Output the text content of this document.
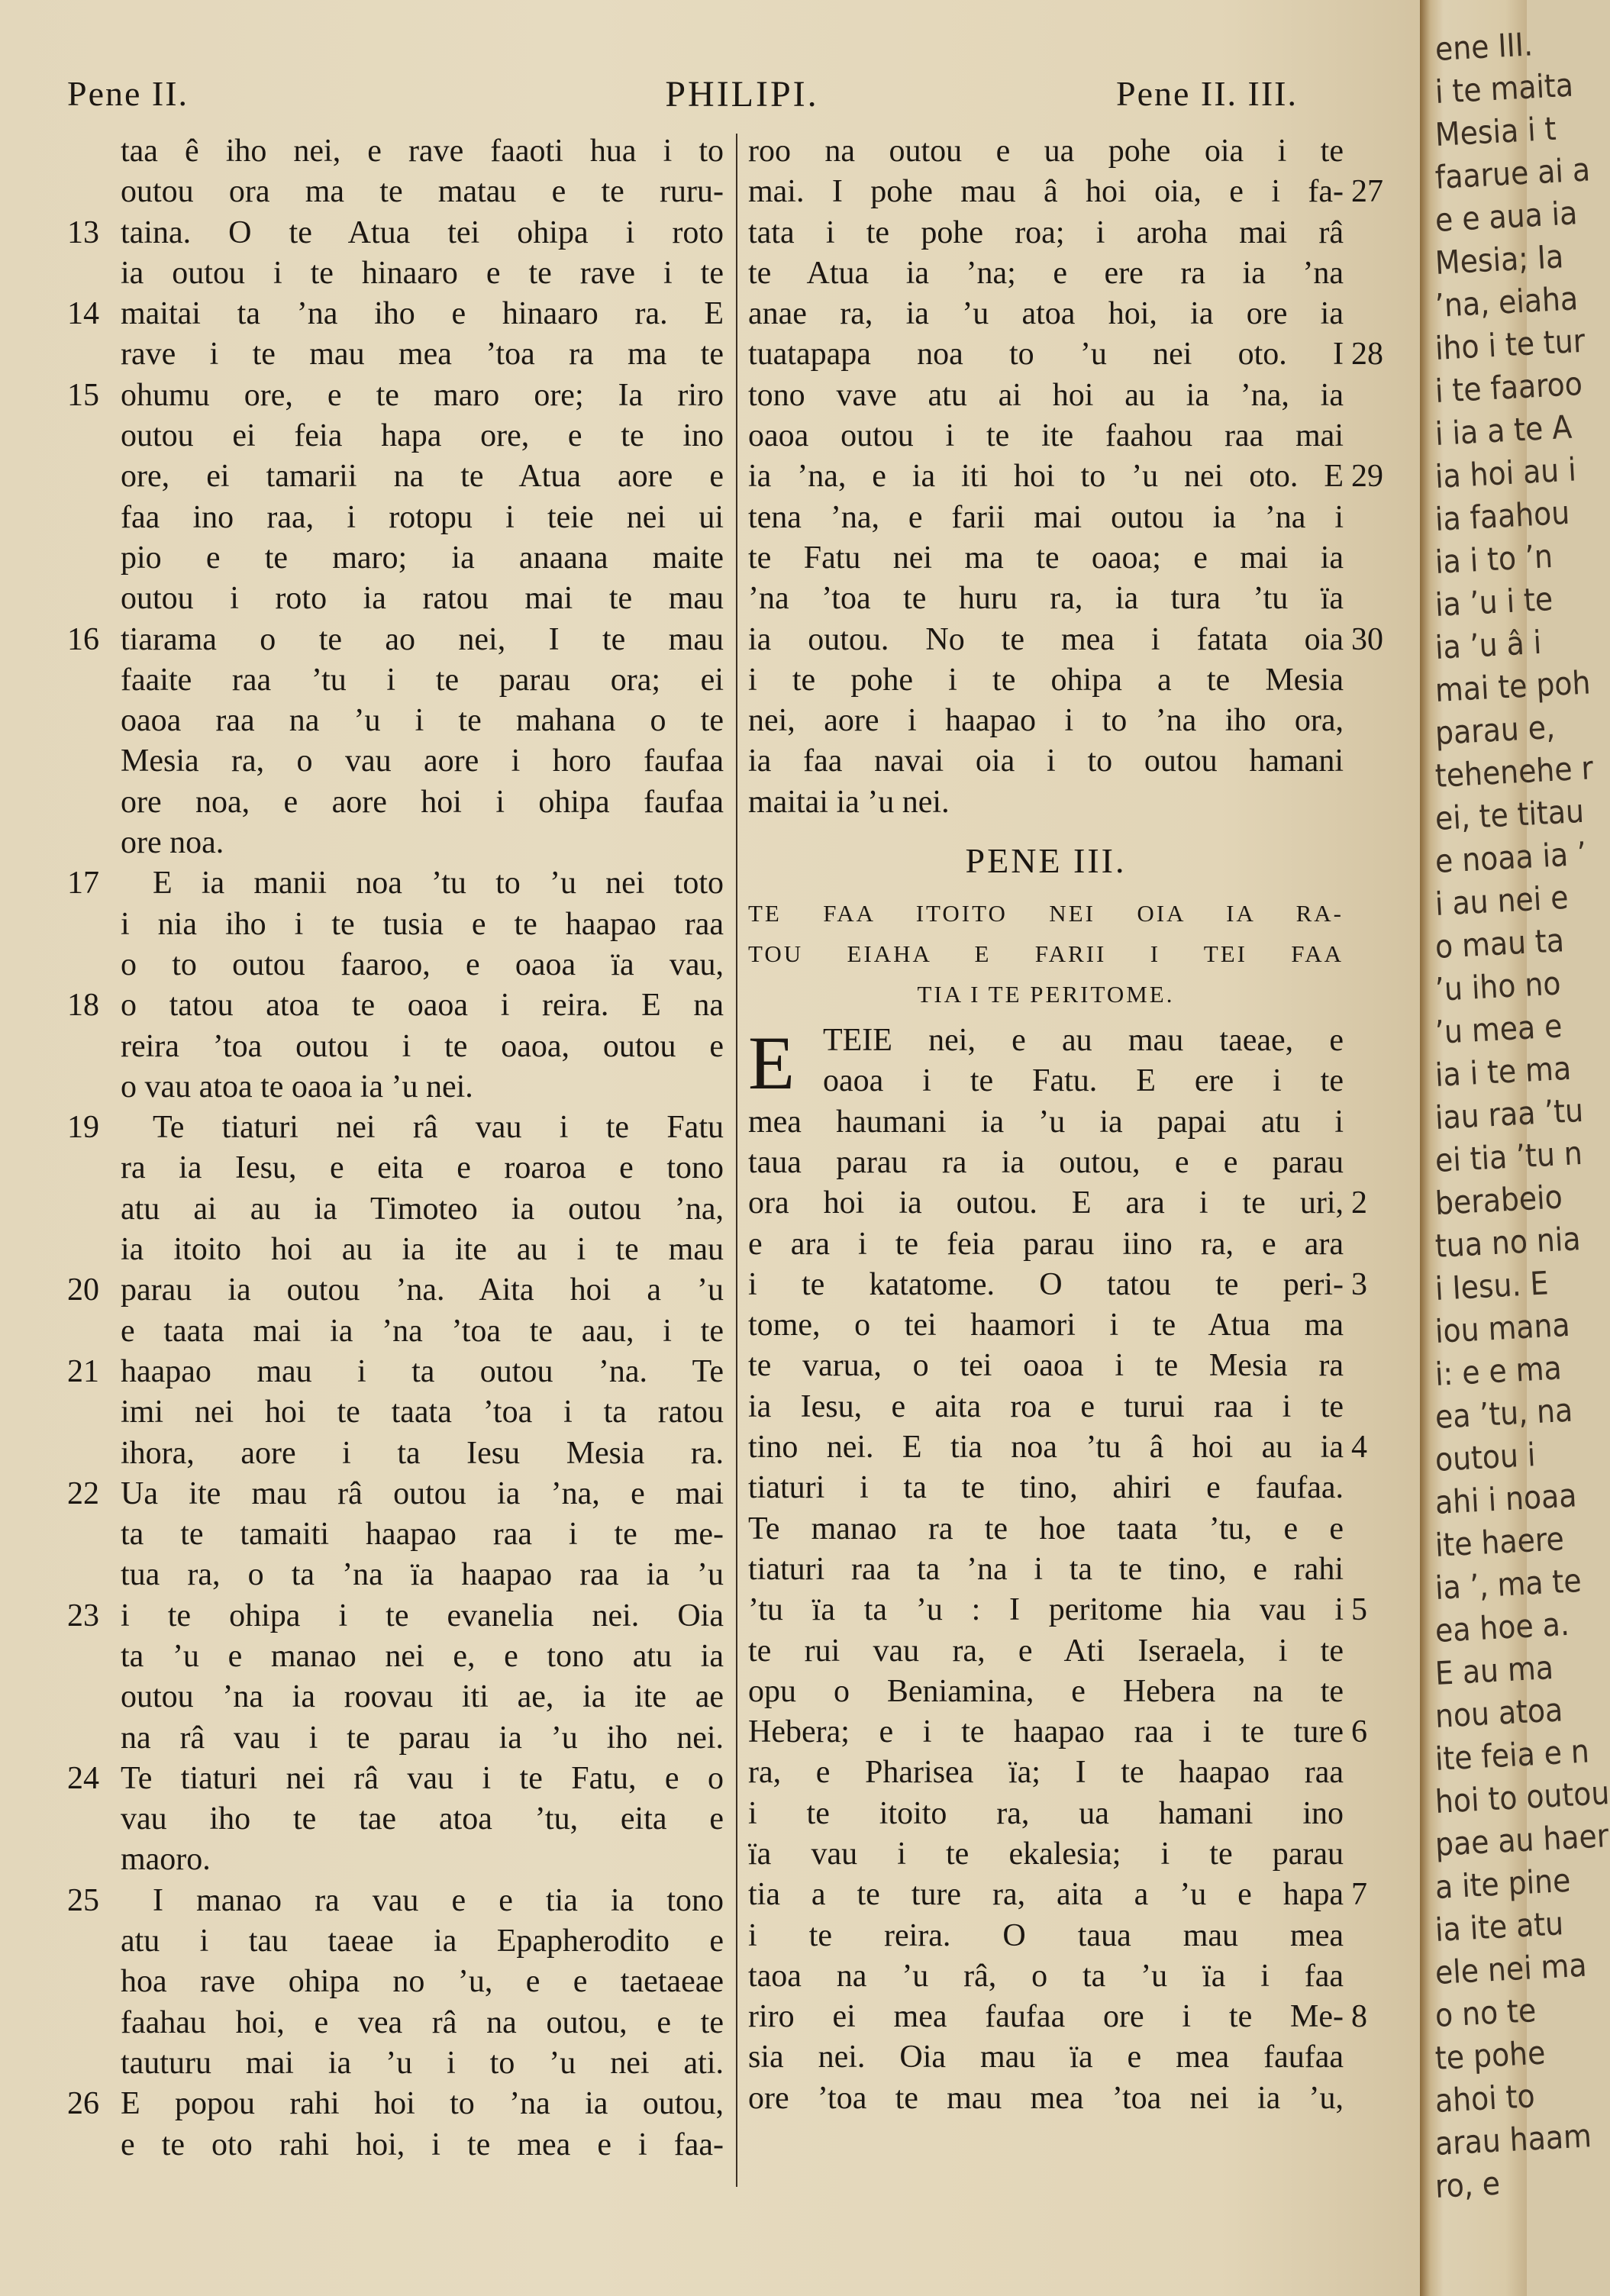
Pene II.	PHILIPI.	Pene II. III.
taa ê iho nei, e rave faaoti hua i to
outou ora ma te matau e te ruru-
13 taina. O te Atua tei ohipa i roto
ia outou i te hinaaro e te rave i te
14 maitai ta ’na iho e hinaaro ra. E
rave i te mau mea ’toa ra ma te
15 ohumu ore, e te maro ore; Ia riro
outou ei feia hapa ore, e te ino
ore, ei tamarii na te Atua aore e
faa ino raa, i rotopu i teie nei ui
pio e te maro; ia anaana maite
outou i roto ia ratou mai te mau
16 tiarama o te ao nei, I te mau
faaite raa ’tu i te parau ora; ei
oaoa raa na ’u i te mahana o te
Mesia ra, o vau aore i horo faufaa
ore noa, e aore hoi i ohipa faufaa
ore noa.
17	E ia manii noa ’tu to ’u nei toto
i nia iho i te tusia e te haapao raa
o to outou faaroo, e oaoa ïa vau,
18 o tatou atoa te oaoa i reira. E na
reira ’toa outou i te oaoa, outou e
o vau atoa te oaoa ia ’u nei.
19	Te tiaturi nei râ vau i te Fatu
ra ia Iesu, e eita e roaroa e tono
atu ai au ia Timoteo ia outou ’na,
ia itoito hoi au ia ite au i te mau
20 parau ia outou ’na. Aita hoi a ’u
e taata mai ia ’na ’toa te aau, i te
21 haapao mau i ta outou ’na. Te
imi nei hoi te taata ’toa i ta ratou
ihora, aore i ta Iesu Mesia ra.
22 Ua ite mau râ outou ia ’na, e mai
ta te tamaiti haapao raa i te me-
tua ra, o ta ’na ïa haapao raa ia ’u
23 i te ohipa i te evanelia nei. Oia
ta ’u e manao nei e, e tono atu ia
outou ’na ia roovau iti ae, ia ite ae
na râ vau i te parau ia ’u iho nei.
24 Te tiaturi nei râ vau i te Fatu, e o
vau iho te tae atoa ’tu, eita e
maoro.
25	I manao ra vau e e tia ia tono
atu i tau taeae ia Epapherodito e
hoa rave ohipa no ’u, e e taetaeae
faahau hoi, e vea râ na outou, e te
tauturu mai ia ’u i to ’u nei ati.
26 E popou rahi hoi to ’na ia outou,
e te oto rahi hoi, i te mea e i faa-
roo na outou e ua pohe oia i te
27
mai. I pohe mau â hoi oia, e i fa-
tata i te pohe roa; i aroha mai râ
te Atua ia ’na; e ere ra ia ’na
anae ra, ia ’u atoa hoi, ia ore ia
28
tuatapapa noa to ’u nei oto. I
tono vave atu ai hoi au ia ’na, ia
oaoa outou i te ite faahou raa mai
29
ia ’na, e ia iti hoi to ’u nei oto. E
tena ’na, e farii mai outou ia ’na i
te Fatu nei ma te oaoa; e mai ia
’na ’toa te huru ra, ia tura ’tu ïa
30
ia outou. No te mea i fatata oia
i te pohe i te ohipa a te Mesia
nei, aore i haapao i to ’na iho ora,
ia faa navai oia i to outou hamani
maitai ia ’u nei.
PENE III.
TE FAA ITOITO NEI OIA IA RA-
TOU EIAHA E FARII I TEI FAA
TIA I TE PERITOME.
E TEIE nei, e au mau taeae, e
oaoa i te Fatu. E ere i te
mea haumani ia ’u ia papai atu i
taua parau ra ia outou, e e parau
2
ora hoi ia outou. E ara i te uri,
e ara i te feia parau iino ra, e ara
3
i te katatome. O tatou te peri-
tome, o tei haamori i te Atua ma
te varua, o tei oaoa i te Mesia ra
ia Iesu, e aita roa e turui raa i te
4
tino nei. E tia noa ’tu â hoi au ia
tiaturi i ta te tino, ahiri e faufaa.
Te manao ra te hoe taata ’tu, e e
tiaturi raa ta ’na i ta te tino, e rahi
5
’tu ïa ta ’u : I peritome hia vau i
te rui vau ra, e Ati Iseraela, i te
opu o Beniamina, e Hebera na te
6
Hebera; e i te haapao raa i te ture
ra, e Pharisea ïa; I te haapao raa
i te itoito ra, ua hamani ino
ïa vau i te ekalesia; i te parau
7
tia a te ture ra, aita a ’u e hapa
i te reira. O taua mau mea
taoa na ’u râ, o ta ’u ïa i faa
8
riro ei mea faufaa ore i te Me-
sia nei. Oia mau ïa e mea faufaa
ore ’toa te mau mea ’toa nei ia ’u,
ene III.
i te maita
Mesia i t
faarue ai a
e e aua ia
Mesia; Ia
’na, eiaha
iho i te tur
i te faaroo
i ia a te A
ia hoi au i
ia faahou
ia i to ’n
ia ’u i te
ia ’u â i
mai te poh
parau e,
tehenehe r
ei, te titau
e noaa ia ’
i au nei e
o mau ta
’u iho no
’u mea e
ia i te ma
iau raa ’tu
ei tia ’tu n
berabeio
tua no nia
i Iesu. E
iou mana
i: e e ma
ea ’tu, na
outou i
ahi i noaa
ite haere
ia ’, ma te
ea hoe a.
E au ma
nou atoa
ite feia e n
hoi to outou
pae au haer
a ite pine
ia ite atu
ele nei ma
o no te
te pohe
ahoi to
arau haam
ro, e
